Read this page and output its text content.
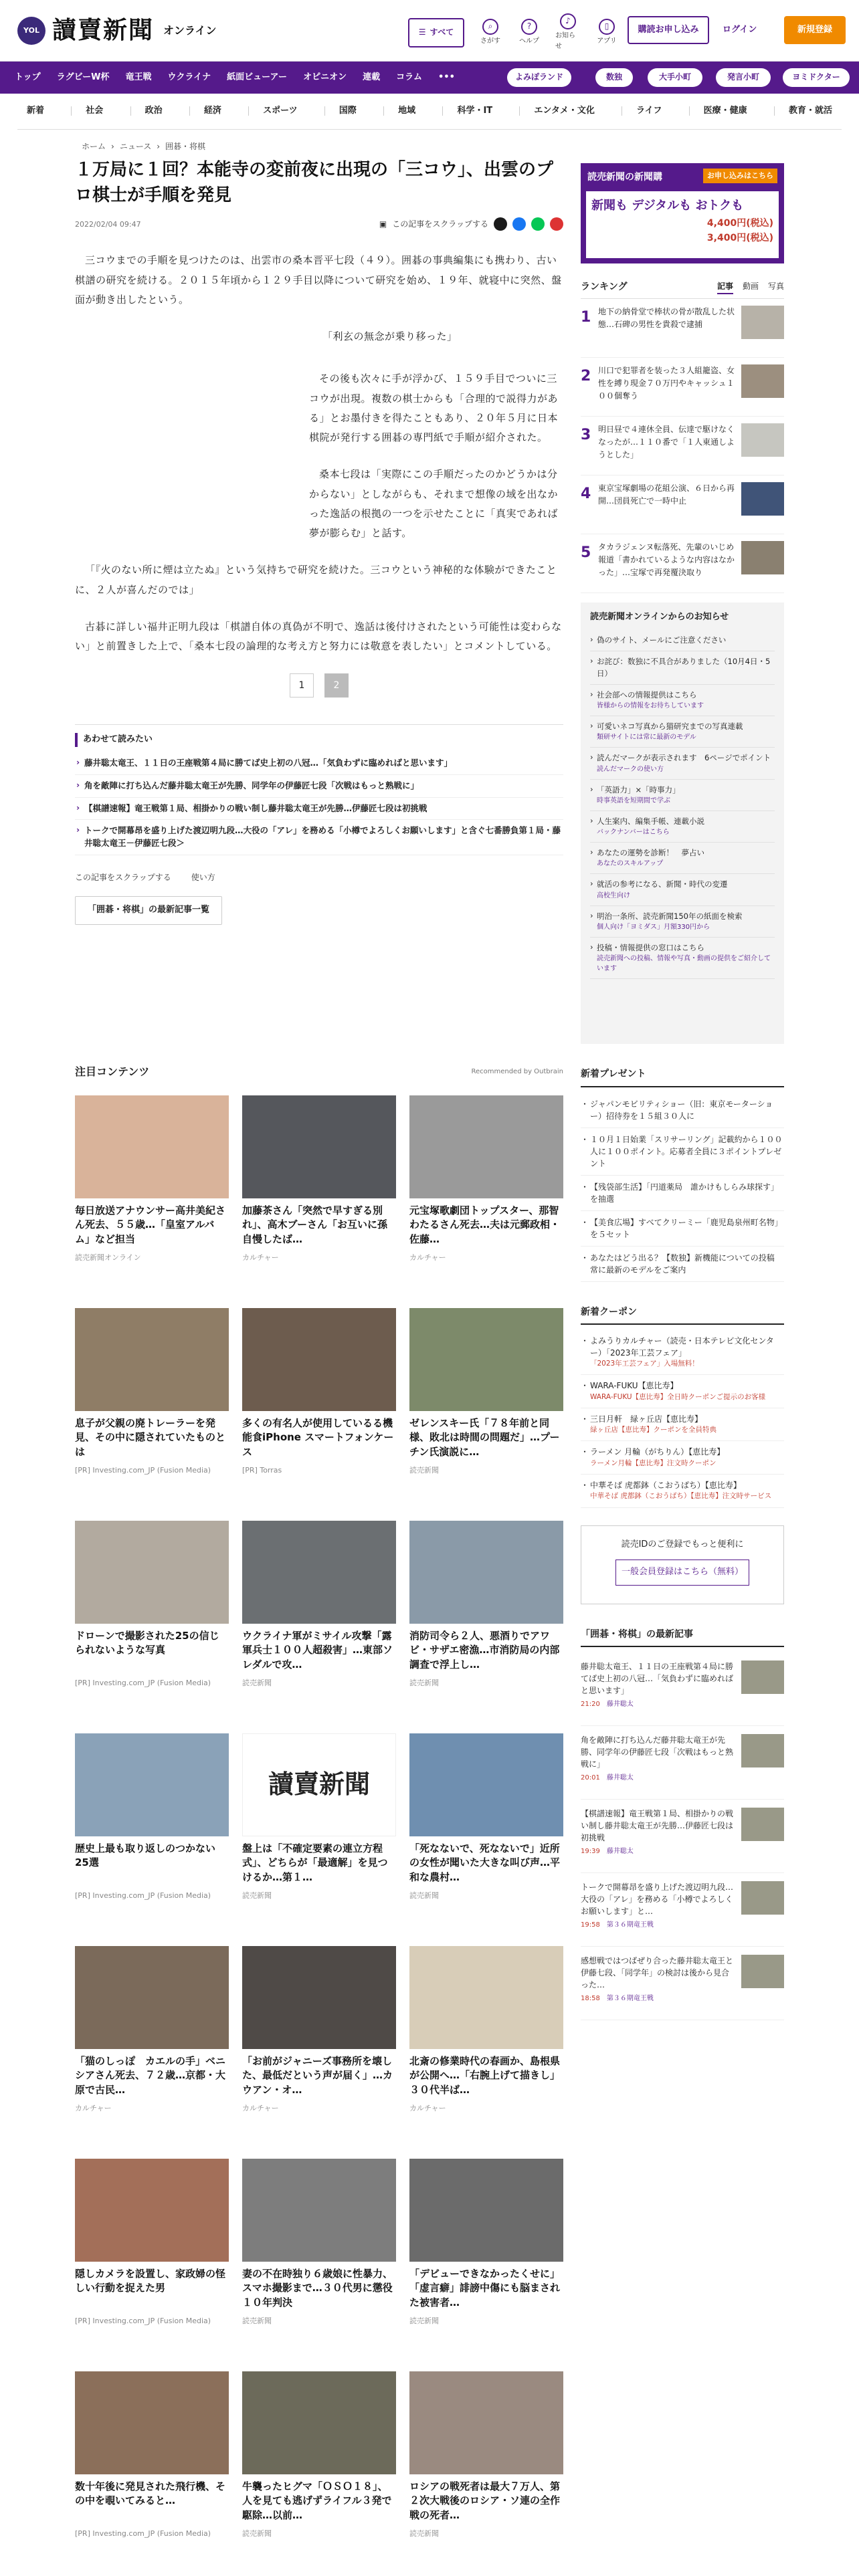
YOL 讀賣新聞 オンライン	☰ すべて
⌕
さがす
?
ヘルプ
♪
お知らせ
▯
アプリ
購読お申し込み	ログイン	新規登録
トップ	ラグビーW杯	竜王戦	ウクライナ	紙面ビューアー	オピニオン	連載	コラム	•••	よみぽランド	数独	大手小町	発言小町	ヨミドクター
新着	社会	政治	経済	スポーツ	国際	地域	科学・IT	エンタメ・文化	ライフ	医療・健康	教育・就活
ホーム › ニュース › 囲碁・将棋
１万局に１回？本能寺の変前夜に出現の「三コウ」、出雲のプロ棋士が手順を発見
2022/02/04 09:47	▣ この記事をスクラップする

三コウまでの手順を見つけたのは、出雲市の桑本晋平七段（４９）。囲碁の事典編集にも携わり、古い棋譜の研究を続ける。２０１５年頃から１２９手目以降について研究を始め、１９年、就寝中に突然、盤面が動き出したという。

「利玄の無念が乗り移った」

その後も次々に手が浮かび、１５９手目でついに三コウが出現。複数の棋士からも「合理的で説得力がある」とお墨付きを得たこともあり、２０年５月に日本棋院が発行する囲碁の専門紙で手順が紹介された。

桑本七段は「実際にこの手順だったのかどうかは分からない」としながらも、それまで想像の域を出なかった逸話の根拠の一つを示せたことに「真実であれば夢が膨らむ」と話す。

「『火のない所に煙は立たぬ』という気持ちで研究を続けた。三コウという神秘的な体験ができたことに、２人が喜んだのでは」

古碁に詳しい福井正明九段は「棋譜自体の真偽が不明で、逸話は後付けされたという可能性は変わらない」と前置きした上で、「桑本七段の論理的な考え方と努力には敬意を表したい」とコメントしている。

1	2
あわせて読みたい
› 藤井聡太竜王、１１日の王座戦第４局に勝てば史上初の八冠…「気負わずに臨めればと思います」
› 角を敵陣に打ち込んだ藤井聡太竜王が先勝、同学年の伊藤匠七段「次戦はもっと熟戦に」
› 【棋譜速報】竜王戦第１局、相掛かりの戦い制し藤井聡太竜王が先勝…伊藤匠七段は初挑戦
› トークで開幕昂を盛り上げた渡辺明九段…大役の「アレ」を務める「小樽でよろしくお願いします」と含ぐ七番勝負第１局・藤井聡太竜王－伊藤匠七段＞
この記事をスクラップする	使い方
「囲碁・将棋」の最新記事一覧
読売新聞の新聞購	お申し込みはこちら
新聞も デジタルも おトクも
4,400円(税込)
3,400円(税込)
ランキング	記事 動画 写真
1 地下の納骨堂で棒状の骨が散乱した状態…石碑の男性を貴殺で逮捕
2 川口で犯罪者を装った３人組籠盗、女性を縛り現金７０万円やキャッシュ１００個奪う
3 明日昼で４連休全員、伝達で駆けなくなったが…１１０番で「１人東通しようとした」
4 東京宝塚劇場の花組公演、６日から再開…団員死亡で一時中止
5 タカラジェンヌ転落死、先輩のいじめ報道「書かれているような内容はなかった」…宝塚で再発覆決取り
読売新聞オンラインからのお知らせ
› 偽のサイト、メールにご注意ください
› お詫び：数独に不具合がありました（10月4日・5日）
› 社会部への情報提供はこちら
皆様からの情報をお待ちしています
› 可愛いネコ写真から猫研究までの写真連載
類研サイトには常に最新のモデル
› 読んだマークが表示されます　6ページでポイント
読んだマークの使い方
› 「英語力」×「時事力」
時事英語を短期間で学ぶ
› 人生案内、編集手帳、連載小説
バックナンバーはこちら
› あなたの運勢を診断！　夢占い
あなたのスキルアップ
› 就活の参考になる、新聞・時代の変遷
高校生向け
› 明治一条所、読売新聞150年の紙面を検索
個人向け「ヨミダス」月額330円から
› 投稿・情報提供の窓口はこちら
読売新聞への投稿、情報や写真・動画の提供をご紹介しています
新着プレゼント
・ ジャパンモビリティショー（旧：東京モーターショー）招待券を１５組３０人に
・ １０月１日始業「スリサーリング」記載約から１００人に１００ポイント。応募者全員に３ポイントプレゼント
・ 【残袋部生活】「円道薬局　誰かけもしらみ球探す」を抽選
・ 【美食広場】すべてクリーミー「鹿児島泉州町名物」を５セット
・ あなたはどう出る？【数独】新機能についての投稿　常に最新のモデルをご案内
新着クーポン
・ よみうりカルチャー（読売・日本テレビ文化センター）「2023年工芸フェア」
「2023年工芸フェア」入場無料！
・ WARA-FUKU【恵比寿】
WARA-FUKU【恵比寿】全日時クーポンご提示のお客様
・ 三日月軒　緑ヶ丘店【恵比寿】
緑ヶ丘店【恵比寿】クーポンを全員特典
・ ラーメン 月輪（がちりん）【恵比寿】
ラーメン月輪【恵比寿】注文時クーポン
・ 中華そば 虎都鉢（こおうばち）【恵比寿】
中華そば 虎都鉢（こおうばち）【恵比寿】注文時サービス
読売IDのご登録でもっと便利に
一般会員登録はこちら（無料）
「囲碁・将棋」の最新記事
藤井聡太竜王、１１日の王座戦第４局に勝てば史上初の八冠…「気負わずに臨めればと思います」
21:20 藤井聡太
角を敵陣に打ち込んだ藤井聡太竜王が先勝、同学年の伊藤匠七段「次戦はもっと熟戦に」
20:01 藤井聡太
【棋譜速報】竜王戦第１局、相掛かりの戦い制し藤井聡太竜王が先勝…伊藤匠七段は初挑戦
19:39 藤井聡太
トークで開幕昂を盛り上げた渡辺明九段…大役の「アレ」を務める「小樽でよろしくお願いします」と…
19:58 第３６期竜王戦
感想戦ではつばぜり合った藤井聡太竜王と伊藤七段、「同学年」の検討は後から見合った…
18:58 第３６期竜王戦
注目コンテンツ	Recommended by Outbrain
毎日放送アナウンサー高井美紀さん死去、５５歳…「皇室アルバム」など担当
読売新聞オンライン
加藤茶さん「突然で早すぎる別れ」、高木ブーさん「お互いに孫自慢したば…
カルチャー
元宝塚歌劇団トップスター、那智わたるさん死去…夫は元郵政相・佐藤…
カルチャー
息子が父親の廃トレーラーを発見、その中に隠されていたものとは
[PR] Investing.com_JP (Fusion Media)
多くの有名人が使用しているる機能食iPhone スマートフォンケース
[PR] Torras
ゼレンスキー氏「７８年前と同様、敗北は時間の問題だ」…プーチン氏演説に…
読売新聞
ドローンで撮影された25の信じられないような写真
[PR] Investing.com_JP (Fusion Media)
ウクライナ軍がミサイル攻撃「露軍兵士１００人超殺害」…東部ソレダルで攻…
読売新聞
消防司令ら２人、悪酒りでアワビ・サザエ密漁…市消防局の内部調査で浮上し…
読売新聞
歴史上最も取り返しのつかない25選
[PR] Investing.com_JP (Fusion Media)
讀賣新聞
盤上は「不確定要素の連立方程式」、どちらが「最適解」を見つけるか…第１…
読売新聞
「死なないで、死なないで」近所の女性が聞いた大きな叫び声…平和な農村…
読売新聞
「猫のしっぽ　カエルの手」ベニシアさん死去、７２歳…京都・大原で古民…
カルチャー
「お前がジャニーズ事務所を壊した、最低だという声が届く」…カウアン・オ…
カルチャー
北斎の修業時代の春画か、島根県が公開へ…「右腕上げて描きし」３０代半ば…
カルチャー
隠しカメラを設置し、家政婦の怪しい行動を捉えた男
[PR] Investing.com_JP (Fusion Media)
妻の不在時独り６歳娘に性暴力、スマホ撮影まで…３０代男に懲役１０年判決
読売新聞
「デビューできなかったくせに」「虚言癖」誹謗中傷にも脳まされた被害者…
読売新聞
数十年後に発見された飛行機、その中を覗いてみると…
[PR] Investing.com_JP (Fusion Media)
牛襲ったヒグマ「ＯＳＯ１８」、人を見ても逃げずライフル３発で駆除…以前…
読売新聞
ロシアの戦死者は最大７万人、第２次大戦後のロシア・ソ連の全作戦の死者…
読売新聞
